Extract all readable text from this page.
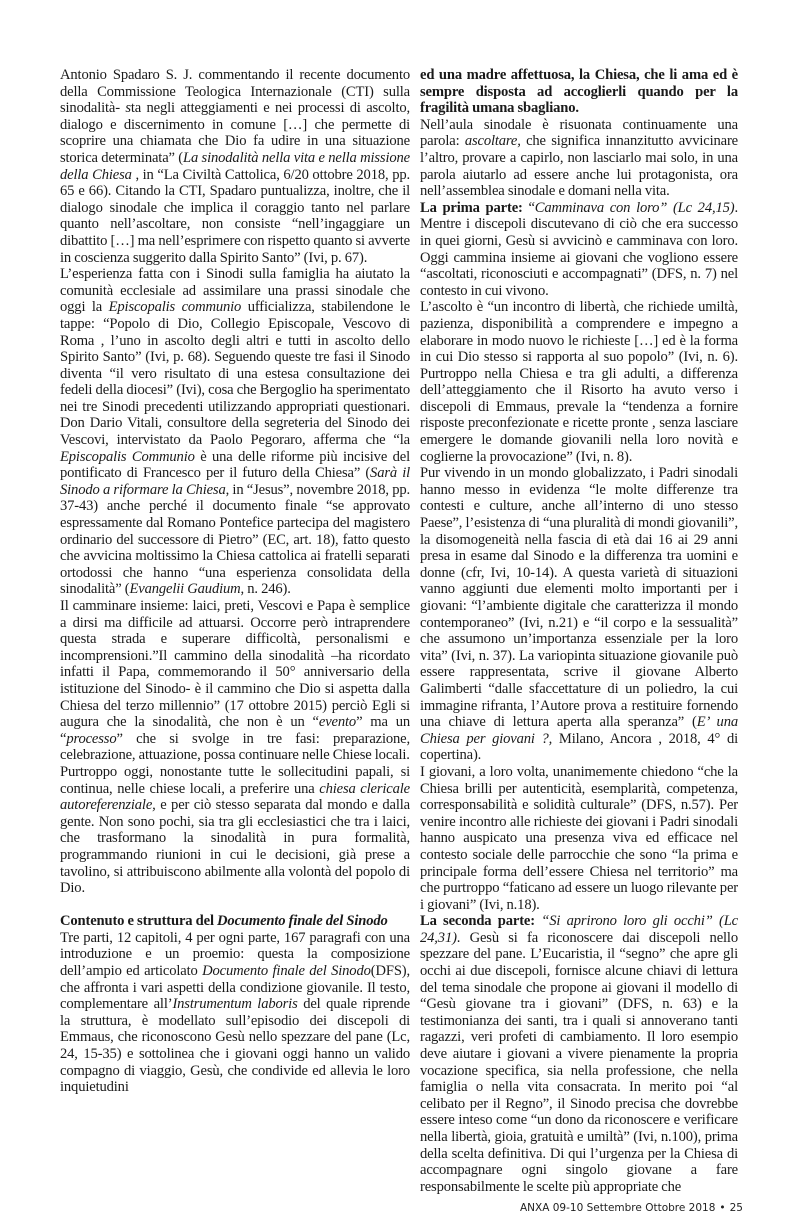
Antonio Spadaro S. J. commentando il recente documento della Commissione Teologica Internazionale (CTI) sulla sinodalità- sta negli atteggiamenti e nei processi di ascolto, dialogo e discernimento in comune […] che permette di scoprire una chiamata che Dio fa udire in una situazione storica determinata” (La sinodalità nella vita e nella missione della Chiesa , in “La Civiltà Cattolica, 6/20 ottobre 2018, pp. 65 e 66). Citando la CTI, Spadaro puntualizza, inoltre, che il dialogo sinodale che implica il coraggio tanto nel parlare quanto nell’ascoltare, non consiste “nell’ingaggiare un dibattito […] ma nell’esprimere con rispetto quanto si avverte in coscienza suggerito dalla Spirito Santo” (Ivi, p. 67).

L’esperienza fatta con i Sinodi sulla famiglia ha aiutato la comunità ecclesiale ad assimilare una prassi sinodale che oggi la Episcopalis communio ufficializza, stabilendone le tappe: “Popolo di Dio, Collegio Episcopale, Vescovo di Roma , l’uno in ascolto degli altri e tutti in ascolto dello Spirito Santo” (Ivi, p. 68). Seguendo queste tre fasi il Sinodo diventa “il vero risultato di una estesa consultazione dei fedeli della diocesi” (Ivi), cosa che Bergoglio ha sperimentato nei tre Sinodi precedenti utilizzando appropriati questionari. Don Dario Vitali, consultore della segreteria del Sinodo dei Vescovi, intervistato da Paolo Pegoraro, afferma che “la Episcopalis Communio è una delle riforme più incisive del pontificato di Francesco per il futuro della Chiesa” (Sarà il Sinodo a riformare la Chiesa, in “Jesus”, novembre 2018, pp. 37-43) anche perché il documento finale “se approvato espressamente dal Romano Pontefice partecipa del magistero ordinario del successore di Pietro” (EC, art. 18), fatto questo che avvicina moltissimo la Chiesa cattolica ai fratelli separati ortodossi che hanno “una esperienza consolidata della sinodalità” (Evangelii Gaudium, n. 246).

Il camminare insieme: laici, preti, Vescovi e Papa è semplice a dirsi ma difficile ad attuarsi. Occorre però intraprendere questa strada e superare difficoltà, personalismi e incomprensioni.”Il cammino della sinodalità –ha ricordato infatti il Papa, commemorando il 50° anniversario della istituzione del Sinodo- è il cammino che Dio si aspetta dalla Chiesa del terzo millennio” (17 ottobre 2015) perciò Egli si augura che la sinodalità, che non è un “evento” ma un “processo” che si svolge in tre fasi: preparazione, celebrazione, attuazione, possa continuare nelle Chiese locali.

Purtroppo oggi, nonostante tutte le sollecitudini papali, si continua, nelle chiese locali, a preferire una chiesa clericale autoreferenziale, e per ciò stesso separata dal mondo e dalla gente. Non sono pochi, sia tra gli ecclesiastici che tra i laici, che trasformano la sinodalità in pura formalità, programmando riunioni in cui le decisioni, già prese a tavolino, si attribuiscono abilmente alla volontà del popolo di Dio.

Contenuto e struttura del Documento finale del Sinodo

Tre parti, 12 capitoli, 4 per ogni parte, 167 paragrafi con una introduzione e un proemio: questa la composizione dell’ampio ed articolato Documento finale del Sinodo(DFS), che affronta i vari aspetti della condizione giovanile. Il testo, complementare all’Instrumentum laboris del quale riprende la struttura, è modellato sull’episodio dei discepoli di Emmaus, che riconoscono Gesù nello spezzare del pane (Lc, 24, 15-35) e sottolinea che i giovani oggi hanno un valido compagno di viaggio, Gesù, che condivide ed allevia le loro inquietudini

ed una madre affettuosa, la Chiesa, che li ama ed è sempre disposta ad accoglierli quando per la fragilità umana sbagliano.

Nell’aula sinodale è risuonata continuamente una parola: ascoltare, che significa innanzitutto avvicinare l’altro, provare a capirlo, non lasciarlo mai solo, in una parola aiutarlo ad essere anche lui protagonista, ora nell’assemblea sinodale e domani nella vita.

La prima parte: “Camminava con loro” (Lc 24,15). Mentre i discepoli discutevano di ciò che era successo in quei giorni, Gesù si avvicinò e camminava con loro. Oggi cammina insieme ai giovani che vogliono essere “ascoltati, riconosciuti e accompagnati” (DFS, n. 7) nel contesto in cui vivono.

L’ascolto è “un incontro di libertà, che richiede umiltà, pazienza, disponibilità a comprendere e impegno a elaborare in modo nuovo le richieste […] ed è la forma in cui Dio stesso si rapporta al suo popolo” (Ivi, n. 6). Purtroppo nella Chiesa e tra gli adulti, a differenza dell’atteggiamento che il Risorto ha avuto verso i discepoli di Emmaus, prevale la “tendenza a fornire risposte preconfezionate e ricette pronte , senza lasciare emergere le domande giovanili nella loro novità e coglierne la provocazione” (Ivi, n. 8).

Pur vivendo in un mondo globalizzato, i Padri sinodali hanno messo in evidenza “le molte differenze tra contesti e culture, anche all’interno di uno stesso Paese”, l’esistenza di “una pluralità di mondi giovanili”, la disomogeneità nella fascia di età dai 16 ai 29 anni presa in esame dal Sinodo e la differenza tra uomini e donne (cfr, Ivi, 10-14). A questa varietà di situazioni vanno aggiunti due elementi molto importanti per i giovani: “l’ambiente digitale che caratterizza il mondo contemporaneo” (Ivi, n.21) e “il corpo e la sessualità” che assumono un’importanza essenziale per la loro vita” (Ivi, n. 37). La variopinta situazione giovanile può essere rappresentata, scrive il giovane Alberto Galimberti “dalle sfaccettature di un poliedro, la cui immagine rifranta, l’Autore prova a restituire fornendo una chiave di lettura aperta alla speranza” (E’ una Chiesa per giovani ?, Milano, Ancora , 2018, 4° di copertina).

I giovani, a loro volta, unanimemente chiedono “che la Chiesa brilli per autenticità, esemplarità, competenza, corresponsabilità e solidità culturale” (DFS, n.57). Per venire incontro alle richieste dei giovani i Padri sinodali hanno auspicato una presenza viva ed efficace nel contesto sociale delle parrocchie che sono “la prima e principale forma dell’essere Chiesa nel territorio” ma che purtroppo “faticano ad essere un luogo rilevante per i giovani” (Ivi, n.18).

La seconda parte: “Si aprirono loro gli occhi” (Lc 24,31). Gesù si fa riconoscere dai discepoli nello spezzare del pane. L’Eucaristia, il “segno” che apre gli occhi ai due discepoli, fornisce alcune chiavi di lettura del tema sinodale che propone ai giovani il modello di “Gesù giovane tra i giovani” (DFS, n. 63) e la testimonianza dei santi, tra i quali si annoverano tanti ragazzi, veri profeti di cambiamento. Il loro esempio deve aiutare i giovani a vivere pienamente la propria vocazione specifica, sia nella professione, che nella famiglia o nella vita consacrata. In merito poi “al celibato per il Regno”, il Sinodo precisa che dovrebbe essere inteso come “un dono da riconoscere e verificare nella libertà, gioia, gratuità e umiltà” (Ivi, n.100), prima della scelta definitiva. Di qui l’urgenza per la Chiesa di accompagnare ogni singolo giovane a fare responsabilmente le scelte più appropriate che

ANXA 09-10 Settembre Ottobre 2018 • 25
